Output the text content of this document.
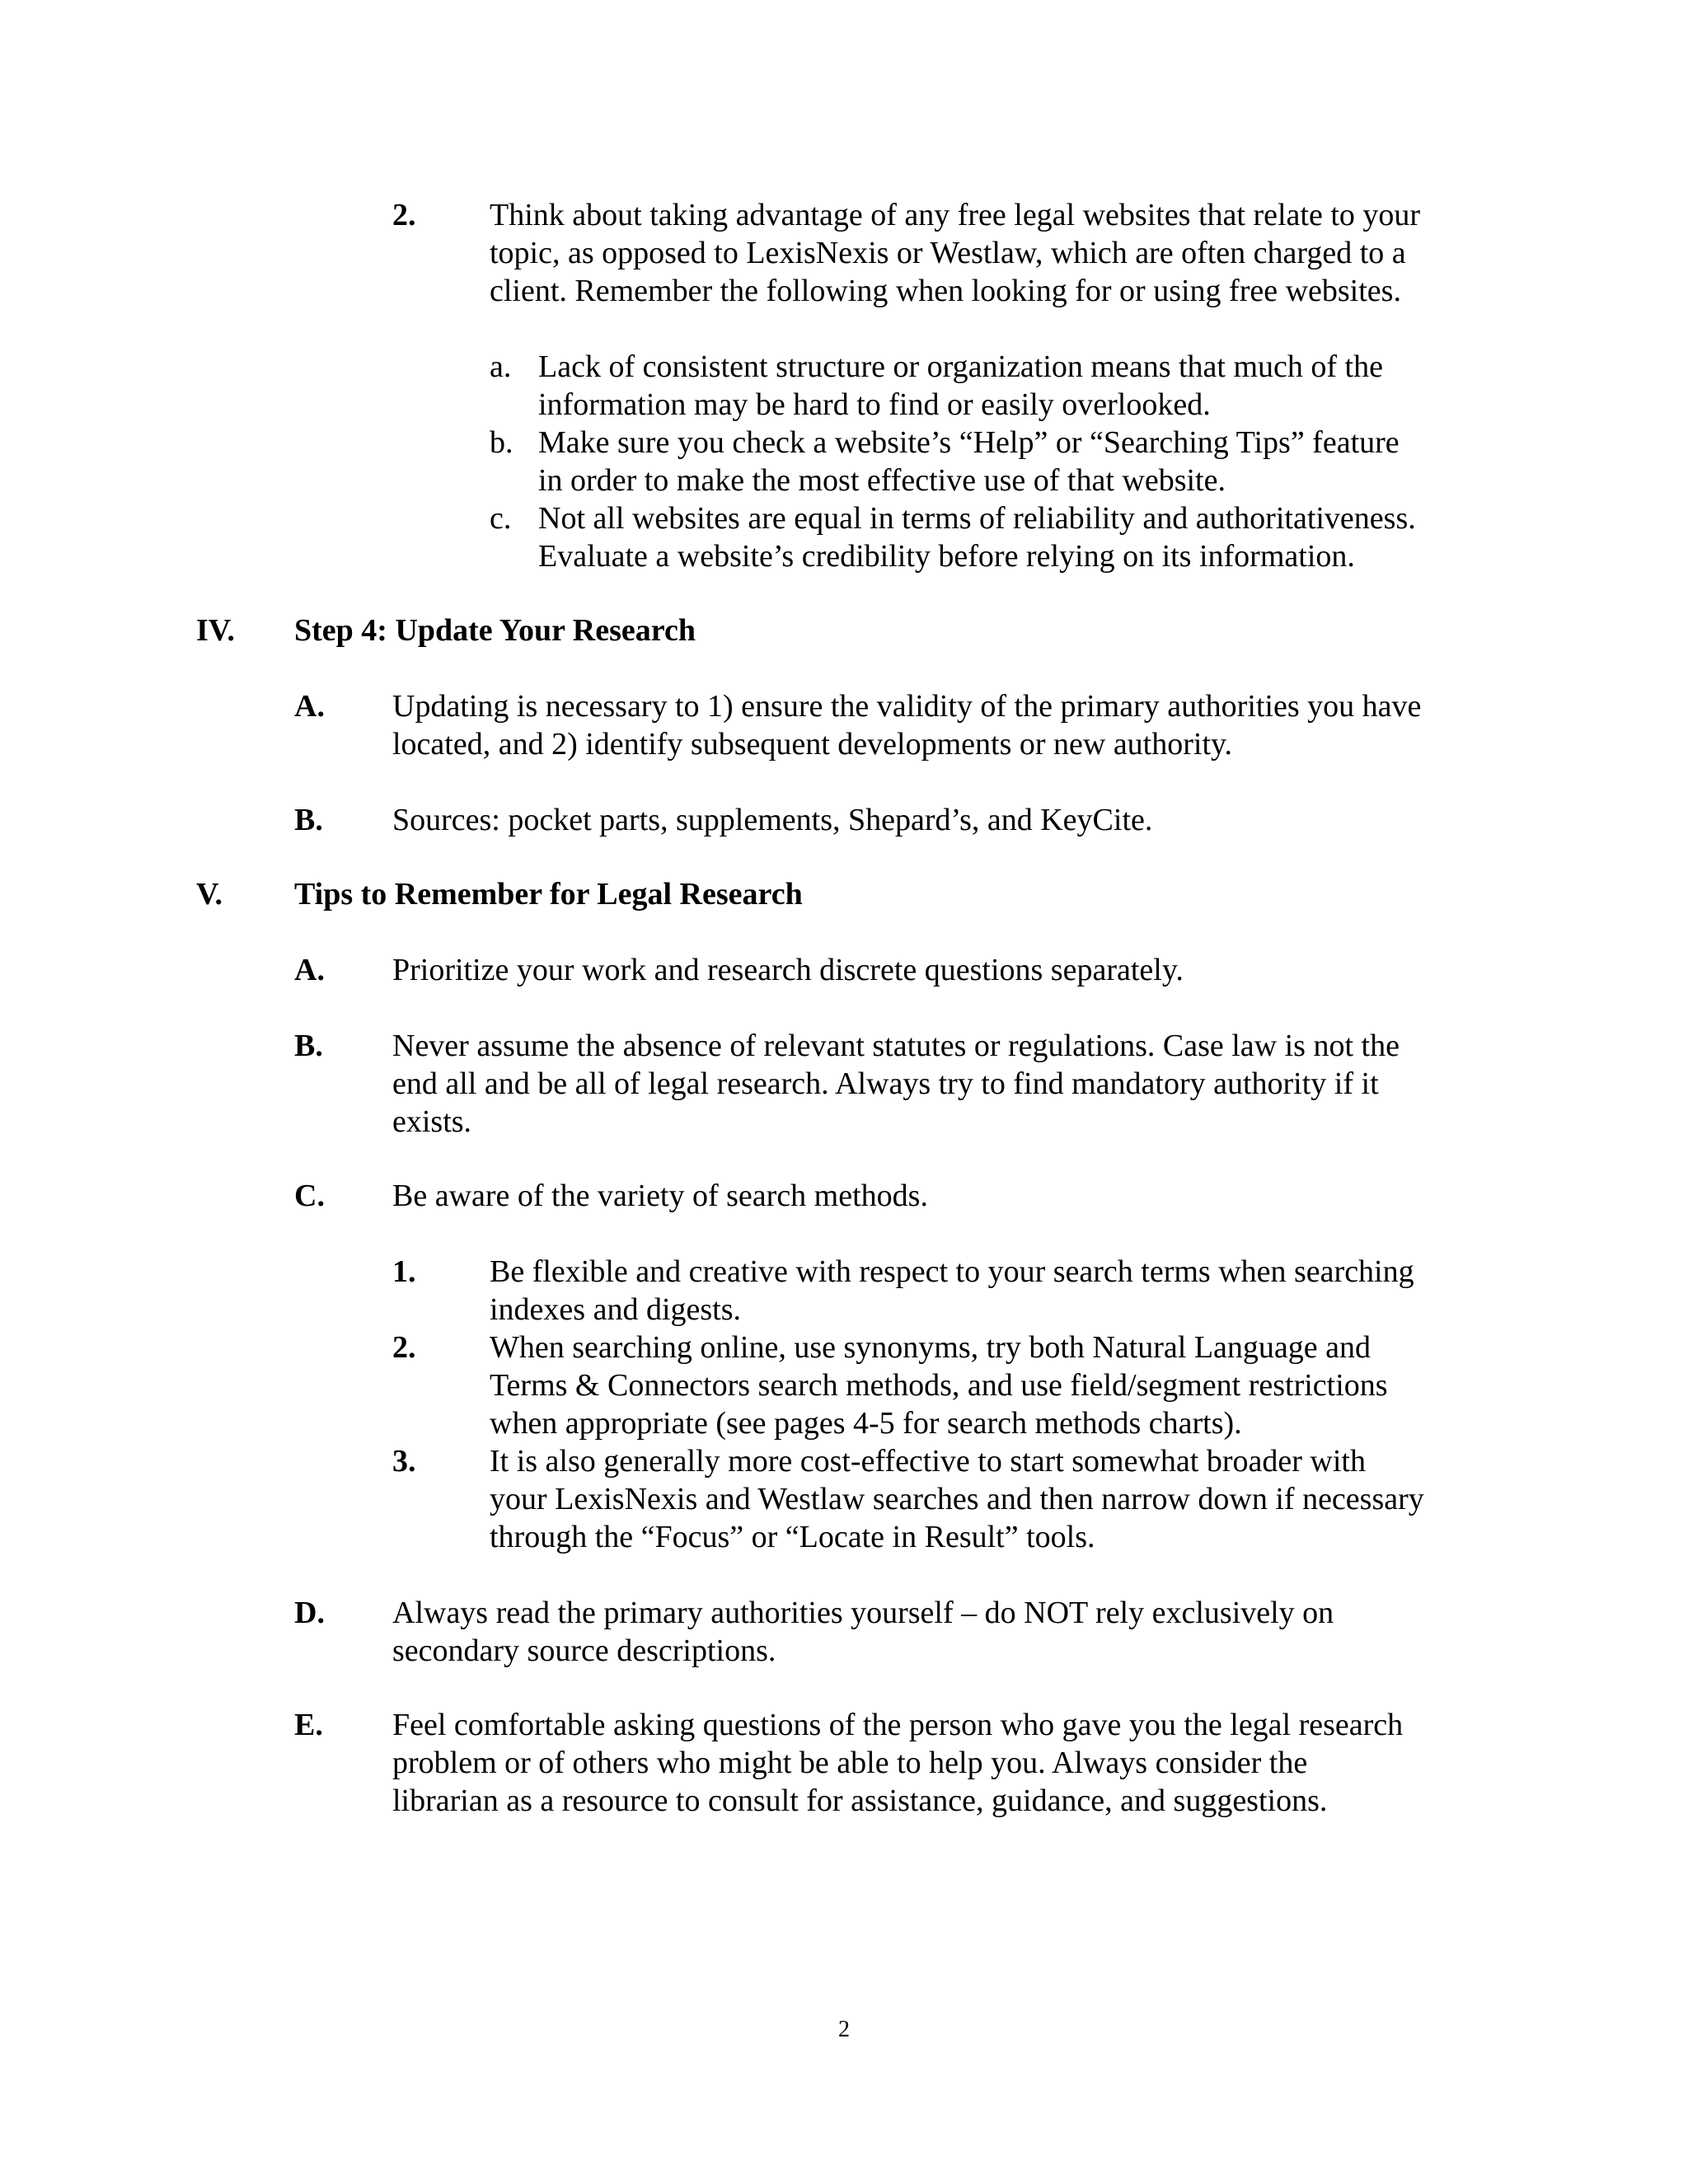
2. Think about taking advantage of any free legal websites that relate to your
topic, as opposed to LexisNexis or Westlaw, which are often charged to a
client. Remember the following when looking for or using free websites.
a. Lack of consistent structure or organization means that much of the
information may be hard to find or easily overlooked.
b. Make sure you check a website’s “Help” or “Searching Tips” feature
in order to make the most effective use of that website.
c. Not all websites are equal in terms of reliability and authoritativeness.
Evaluate a website’s credibility before relying on its information.
IV. Step 4: Update Your Research
A. Updating is necessary to 1) ensure the validity of the primary authorities you have
located, and 2) identify subsequent developments or new authority.
B. Sources: pocket parts, supplements, Shepard’s, and KeyCite.
V. Tips to Remember for Legal Research
A. Prioritize your work and research discrete questions separately.
B. Never assume the absence of relevant statutes or regulations. Case law is not the
end all and be all of legal research. Always try to find mandatory authority if it
exists.
C. Be aware of the variety of search methods.
1. Be flexible and creative with respect to your search terms when searching
indexes and digests.
2. When searching online, use synonyms, try both Natural Language and
Terms & Connectors search methods, and use field/segment restrictions
when appropriate (see pages 4-5 for search methods charts).
3. It is also generally more cost-effective to start somewhat broader with
your LexisNexis and Westlaw searches and then narrow down if necessary
through the “Focus” or “Locate in Result” tools.
D. Always read the primary authorities yourself – do NOT rely exclusively on
secondary source descriptions.
E. Feel comfortable asking questions of the person who gave you the legal research
problem or of others who might be able to help you. Always consider the
librarian as a resource to consult for assistance, guidance, and suggestions.
2
